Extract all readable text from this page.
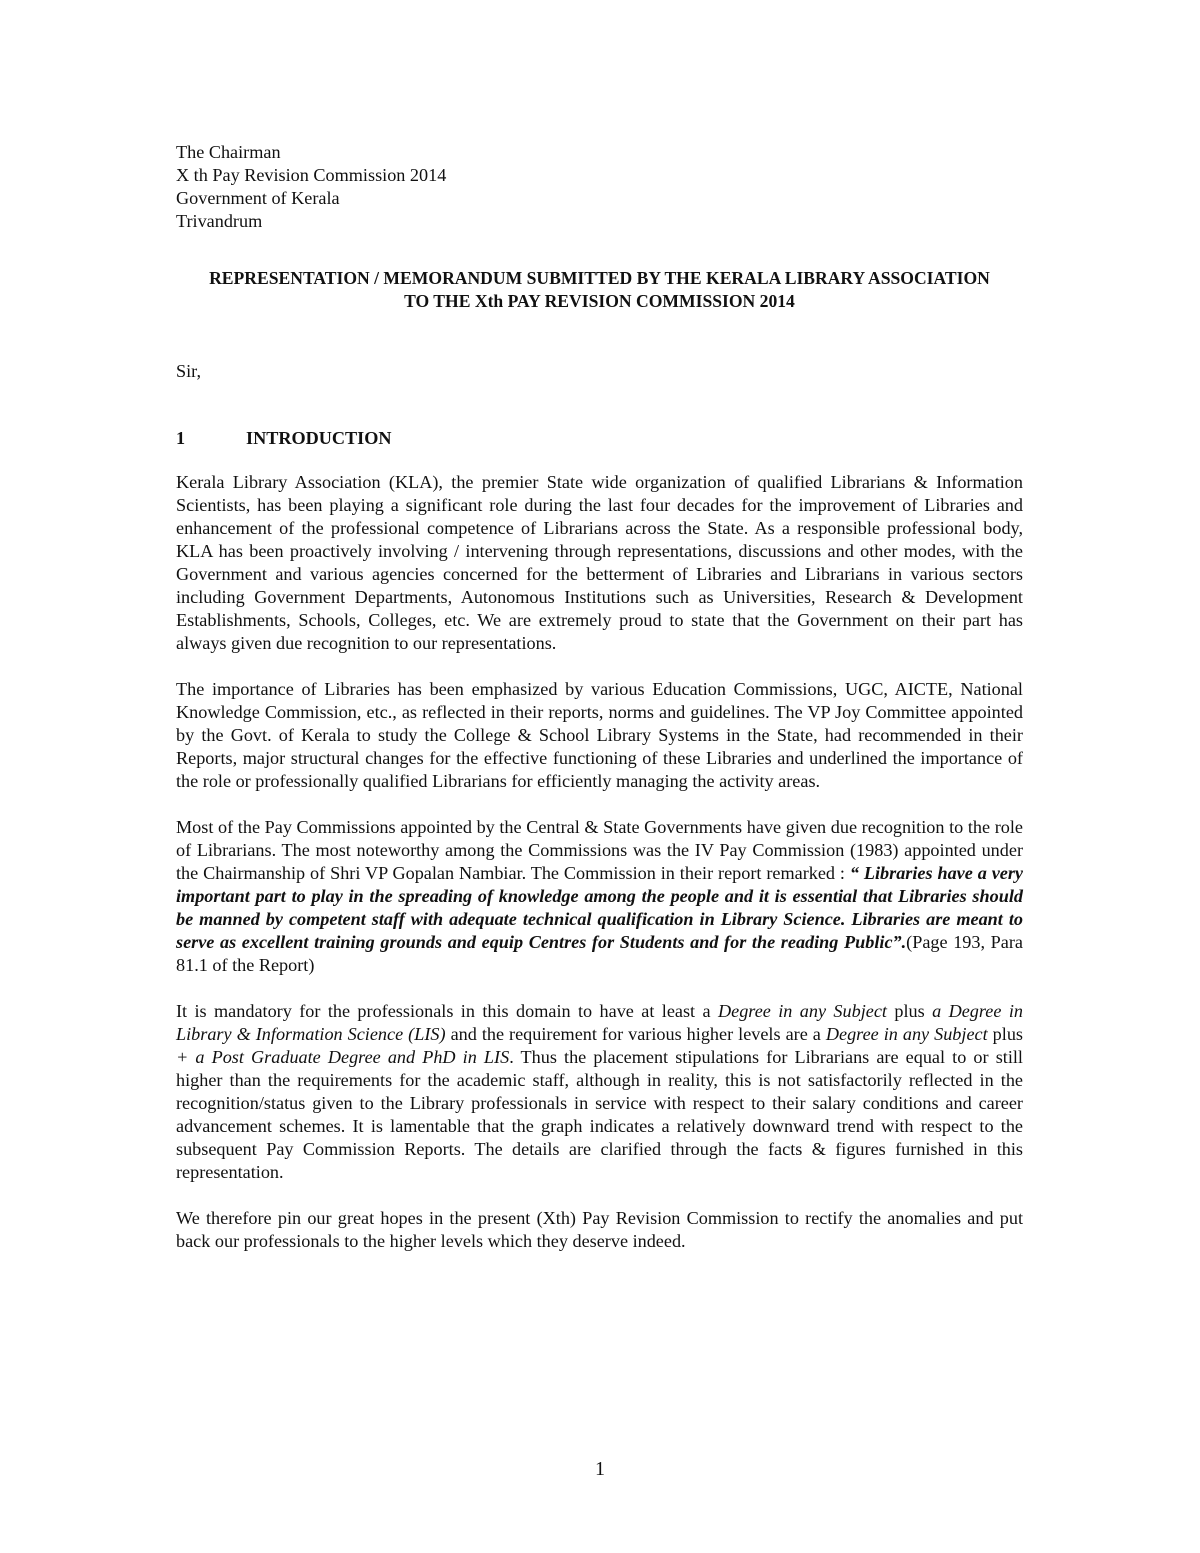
The Chairman
X th Pay Revision Commission 2014
Government of Kerala
Trivandrum
REPRESENTATION / MEMORANDUM SUBMITTED BY THE KERALA LIBRARY ASSOCIATION
TO THE Xth PAY REVISION COMMISSION 2014
Sir,
1	INTRODUCTION

Kerala Library Association (KLA), the premier State wide organization of qualified Librarians & Information Scientists, has been playing a significant role during the last four decades for the improvement of Libraries and enhancement of the professional competence of Librarians across the State. As a responsible professional body, KLA has been proactively involving / intervening through representations, discussions and other modes, with the Government and various agencies concerned for the betterment of Libraries and Librarians in various sectors including Government Departments, Autonomous Institutions such as Universities, Research & Development Establishments, Schools, Colleges, etc. We are extremely proud to state that the Government on their part has always given due recognition to our representations.

The importance of Libraries has been emphasized by various Education Commissions, UGC, AICTE, National Knowledge Commission, etc., as reflected in their reports, norms and guidelines. The VP Joy Committee appointed by the Govt. of Kerala to study the College & School Library Systems in the State, had recommended in their Reports, major structural changes for the effective functioning of these Libraries and underlined the importance of the role or professionally qualified Librarians for efficiently managing the activity areas.

Most of the Pay Commissions appointed by the Central & State Governments have given due recognition to the role of Librarians. The most noteworthy among the Commissions was the IV Pay Commission (1983) appointed under the Chairmanship of Shri VP Gopalan Nambiar. The Commission in their report remarked : “ Libraries have a very important part to play in the spreading of knowledge among the people and it is essential that Libraries should be manned by competent staff with adequate technical qualification in Library Science. Libraries are meant to serve as excellent training grounds and equip Centres for Students and for the reading Public”.(Page 193, Para 81.1 of the Report)

It is mandatory for the professionals in this domain to have at least a Degree in any Subject plus a Degree in Library & Information Science (LIS) and the requirement for various higher levels are a Degree in any Subject plus + a Post Graduate Degree and PhD in LIS. Thus the placement stipulations for Librarians are equal to or still higher than the requirements for the academic staff, although in reality, this is not satisfactorily reflected in the recognition/status given to the Library professionals in service with respect to their salary conditions and career advancement schemes. It is lamentable that the graph indicates a relatively downward trend with respect to the subsequent Pay Commission Reports. The details are clarified through the facts & figures furnished in this representation.

We therefore pin our great hopes in the present (Xth) Pay Revision Commission to rectify the anomalies and put back our professionals to the higher levels which they deserve indeed.

1
